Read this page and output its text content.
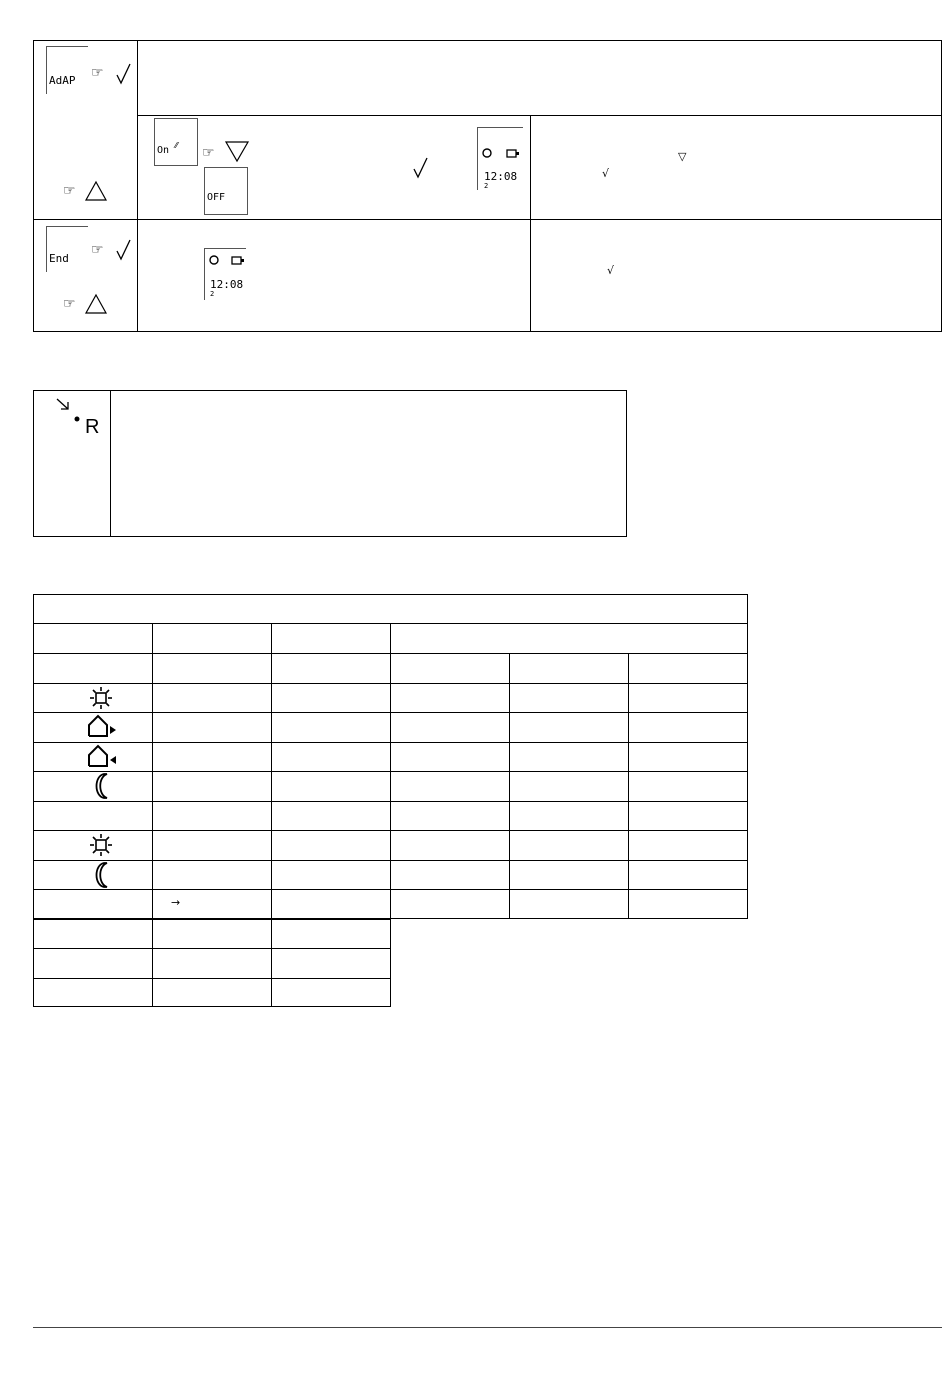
AdAP ☞
☞
On ⁄⁄ ☞
OFF
12:08
2
▽
√
End
☞
☞
12:08
2
√
R
→
